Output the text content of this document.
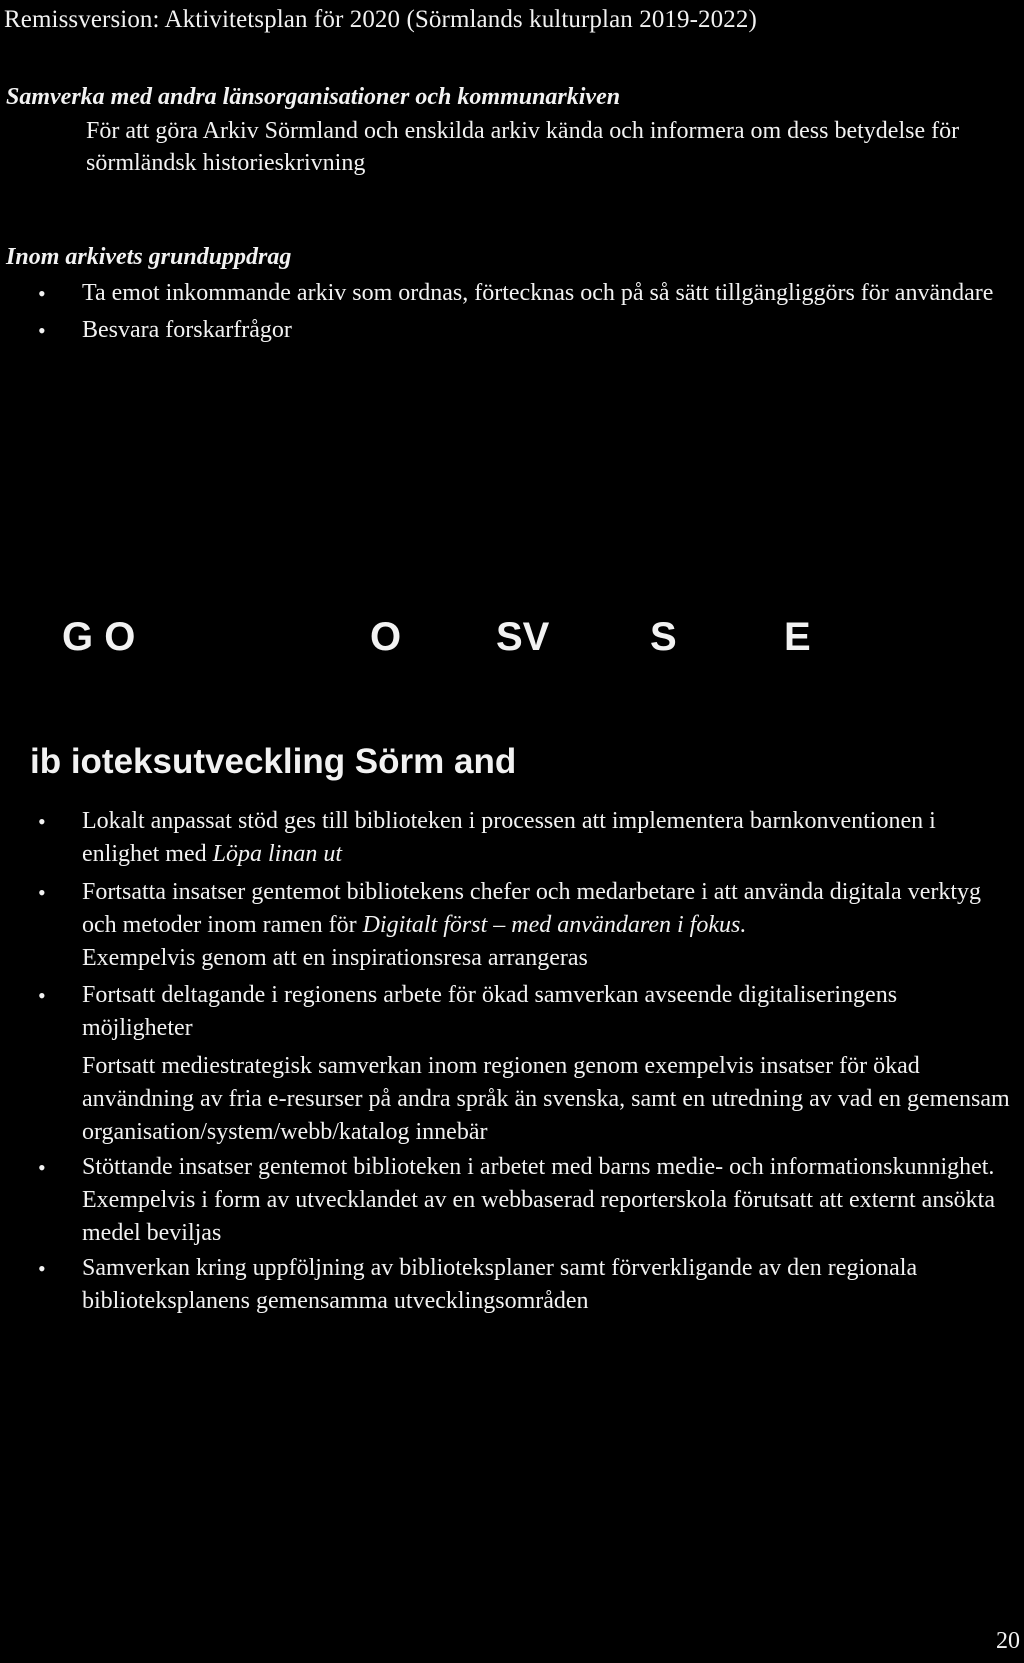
Remissversion: Aktivitetsplan för 2020 (Sörmlands kulturplan 2019-2022)
Samverka med andra länsorganisationer och kommunarkiven
För att göra Arkiv Sörmland och enskilda arkiv kända och informera om dess betydelse för sörmländsk historieskrivning
Inom arkivets grunduppdrag
• Ta emot inkommande arkiv som ordnas, förtecknas och på så sätt tillgängliggörs för användare
• Besvara forskarfrågor
G O	O SV	S	E
ib ioteksutveckling Sörm and
• Lokalt anpassat stöd ges till biblioteken i processen att implementera barnkonventionen i enlighet med Löpa linan ut
• Fortsatta insatser gentemot bibliotekens chefer och medarbetare i att använda digitala verktyg och metoder inom ramen för Digitalt först – med användaren i fokus.
Exempelvis genom att en inspirationsresa arrangeras
• Fortsatt deltagande i regionens arbete för ökad samverkan avseende digitaliseringens möjligheter
Fortsatt mediestrategisk samverkan inom regionen genom exempelvis insatser för ökad användning av fria e-resurser på andra språk än svenska, samt en utredning av vad en gemensam organisation/system/webb/katalog innebär
• Stöttande insatser gentemot biblioteken i arbetet med barns medie- och informationskunnighet. Exempelvis i form av utvecklandet av en webbaserad reporterskola förutsatt att externt ansökta medel beviljas
• Samverkan kring uppföljning av biblioteksplaner samt förverkligande av den regionala biblioteksplanens gemensamma utvecklingsområden
20
